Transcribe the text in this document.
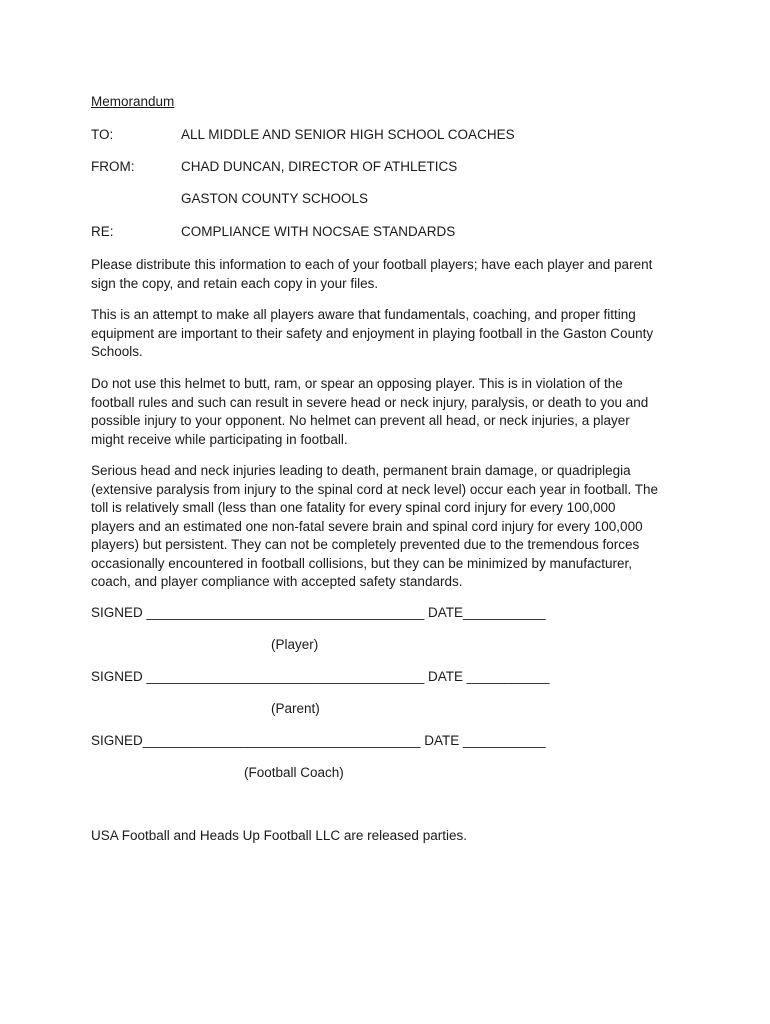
Memorandum
TO:	ALL MIDDLE AND SENIOR HIGH SCHOOL COACHES
FROM:	CHAD DUNCAN, DIRECTOR OF ATHLETICS
GASTON COUNTY SCHOOLS
RE:	COMPLIANCE WITH NOCSAE STANDARDS
Please distribute this information to each of your football players; have each player and parent
sign the copy, and retain each copy in your files.
This is an attempt to make all players aware that fundamentals, coaching, and proper fitting
equipment are important to their safety and enjoyment in playing football in the Gaston County
Schools.
Do not use this helmet to butt, ram, or spear an opposing player. This is in violation of the
football rules and such can result in severe head or neck injury, paralysis, or death to you and
possible injury to your opponent. No helmet can prevent all head, or neck injuries, a player
might receive while participating in football.
Serious head and neck injuries leading to death, permanent brain damage, or quadriplegia
(extensive paralysis from injury to the spinal cord at neck level) occur each year in football. The
toll is relatively small (less than one fatality for every spinal cord injury for every 100,000
players and an estimated one non-fatal severe brain and spinal cord injury for every 100,000
players) but persistent. They can not be completely prevented due to the tremendous forces
occasionally encountered in football collisions, but they can be minimized by manufacturer,
coach, and player compliance with accepted safety standards.
SIGNED _____________________________________ DATE___________
(Player)
SIGNED _____________________________________ DATE ___________
(Parent)
SIGNED_____________________________________ DATE ___________
(Football Coach)
USA Football and Heads Up Football LLC are released parties.
